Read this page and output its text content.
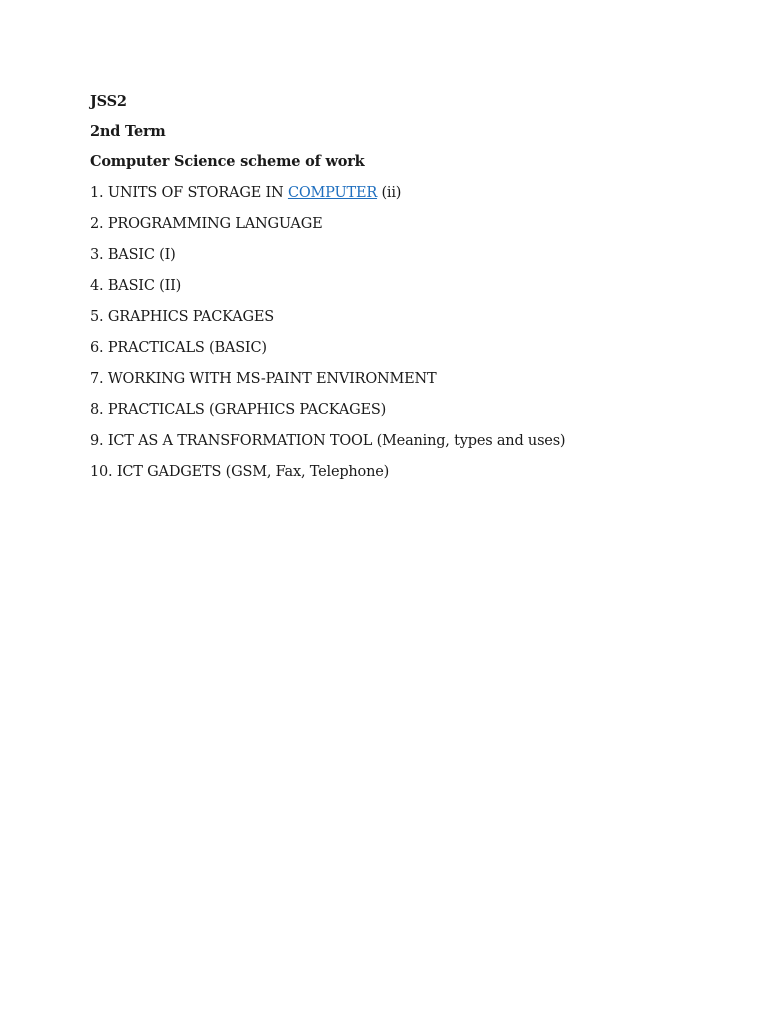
JSS2
2nd Term
Computer Science scheme of work
1. UNITS OF STORAGE IN COMPUTER (ii)
2. PROGRAMMING LANGUAGE
3. BASIC (I)
4. BASIC (II)
5. GRAPHICS PACKAGES
6. PRACTICALS (BASIC)
7. WORKING WITH MS-PAINT ENVIRONMENT
8. PRACTICALS (GRAPHICS PACKAGES)
9. ICT AS A TRANSFORMATION TOOL (Meaning, types and uses)
10. ICT GADGETS (GSM, Fax, Telephone)
